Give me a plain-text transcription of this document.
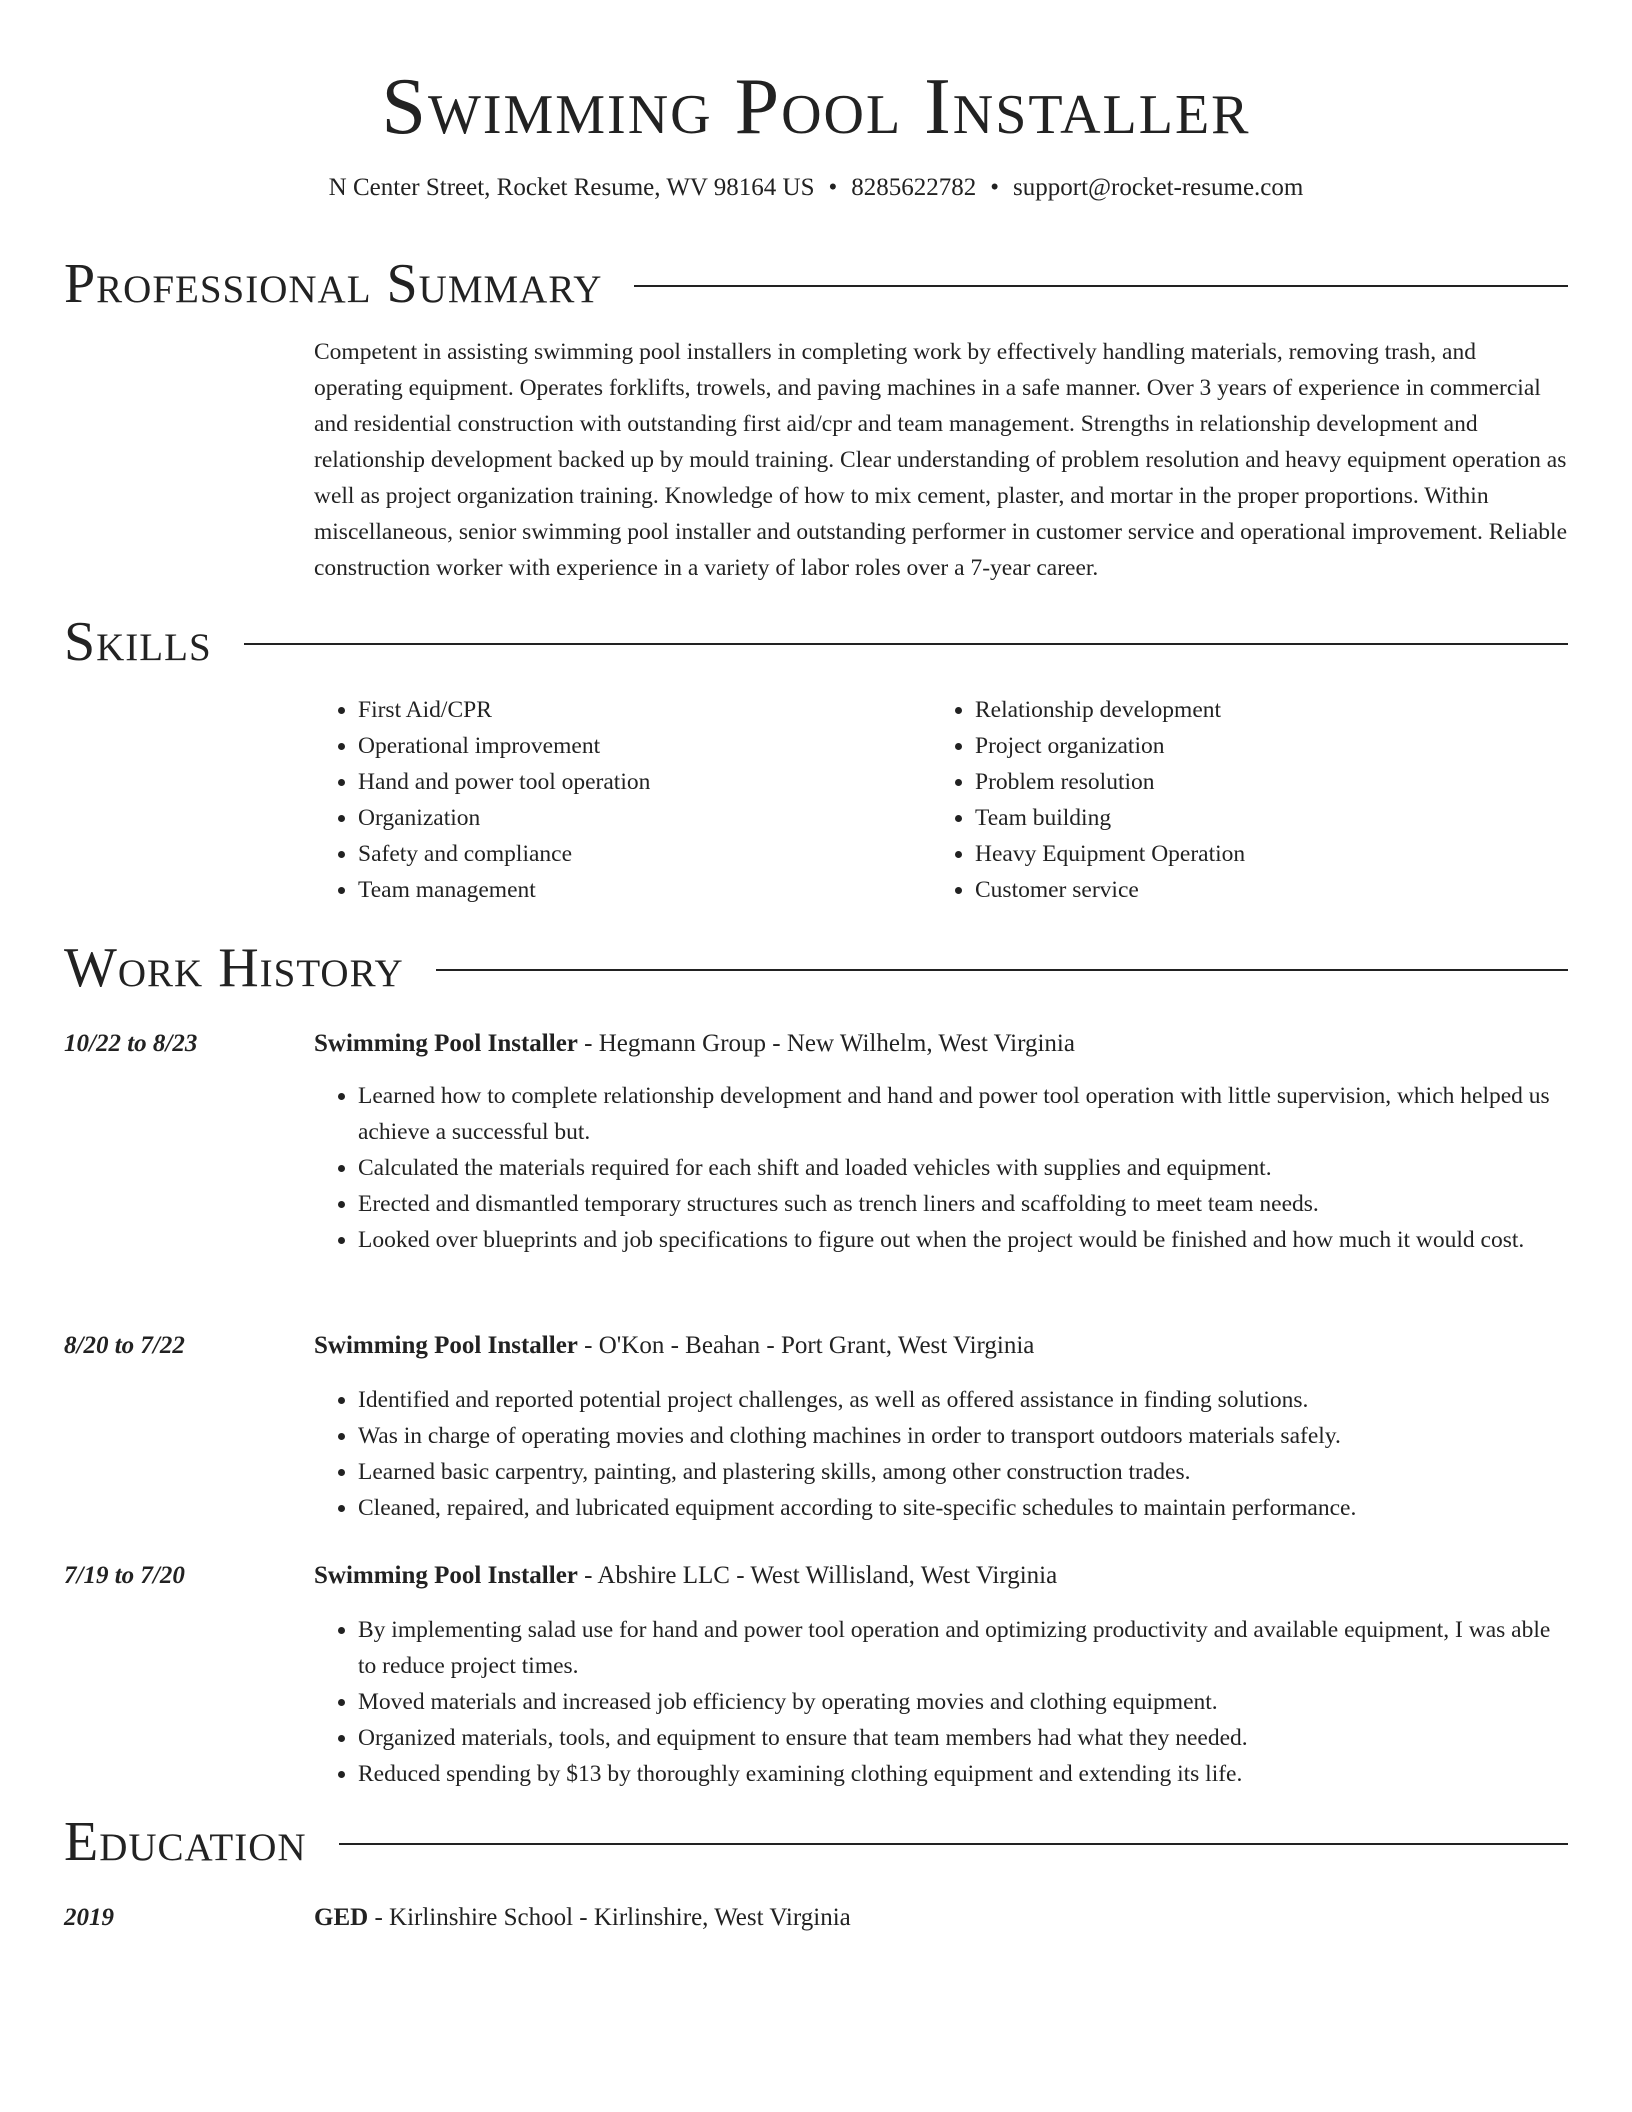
Swimming Pool Installer
N Center Street, Rocket Resume, WV 98164 US • 8285622782 • support@rocket-resume.com
Professional Summary

Competent in assisting swimming pool installers in completing work by effectively handling materials, removing trash, and operating equipment. Operates forklifts, trowels, and paving machines in a safe manner. Over 3 years of experience in commercial and residential construction with outstanding first aid/cpr and team management. Strengths in relationship development and relationship development backed up by mould training. Clear understanding of problem resolution and heavy equipment operation as well as project organization training. Knowledge of how to mix cement, plaster, and mortar in the proper proportions. Within miscellaneous, senior swimming pool installer and outstanding performer in customer service and operational improvement. Reliable construction worker with experience in a variety of labor roles over a 7-year career.

Skills
• First Aid/CPR
• Operational improvement
• Hand and power tool operation
• Organization
• Safety and compliance
• Team management
• Relationship development
• Project organization
• Problem resolution
• Team building
• Heavy Equipment Operation
• Customer service
Work History
10/22 to 8/23	Swimming Pool Installer - Hegmann Group - New Wilhelm, West Virginia
• Learned how to complete relationship development and hand and power tool operation with little supervision, which helped us achieve a successful but.
• Calculated the materials required for each shift and loaded vehicles with supplies and equipment.
• Erected and dismantled temporary structures such as trench liners and scaffolding to meet team needs.
• Looked over blueprints and job specifications to figure out when the project would be finished and how much it would cost.
8/20 to 7/22	Swimming Pool Installer - O'Kon - Beahan - Port Grant, West Virginia
• Identified and reported potential project challenges, as well as offered assistance in finding solutions.
• Was in charge of operating movies and clothing machines in order to transport outdoors materials safely.
• Learned basic carpentry, painting, and plastering skills, among other construction trades.
• Cleaned, repaired, and lubricated equipment according to site-specific schedules to maintain performance.
7/19 to 7/20	Swimming Pool Installer - Abshire LLC - West Willisland, West Virginia
• By implementing salad use for hand and power tool operation and optimizing productivity and available equipment, I was able to reduce project times.
• Moved materials and increased job efficiency by operating movies and clothing equipment.
• Organized materials, tools, and equipment to ensure that team members had what they needed.
• Reduced spending by $13 by thoroughly examining clothing equipment and extending its life.
Education
2019	GED - Kirlinshire School - Kirlinshire, West Virginia
